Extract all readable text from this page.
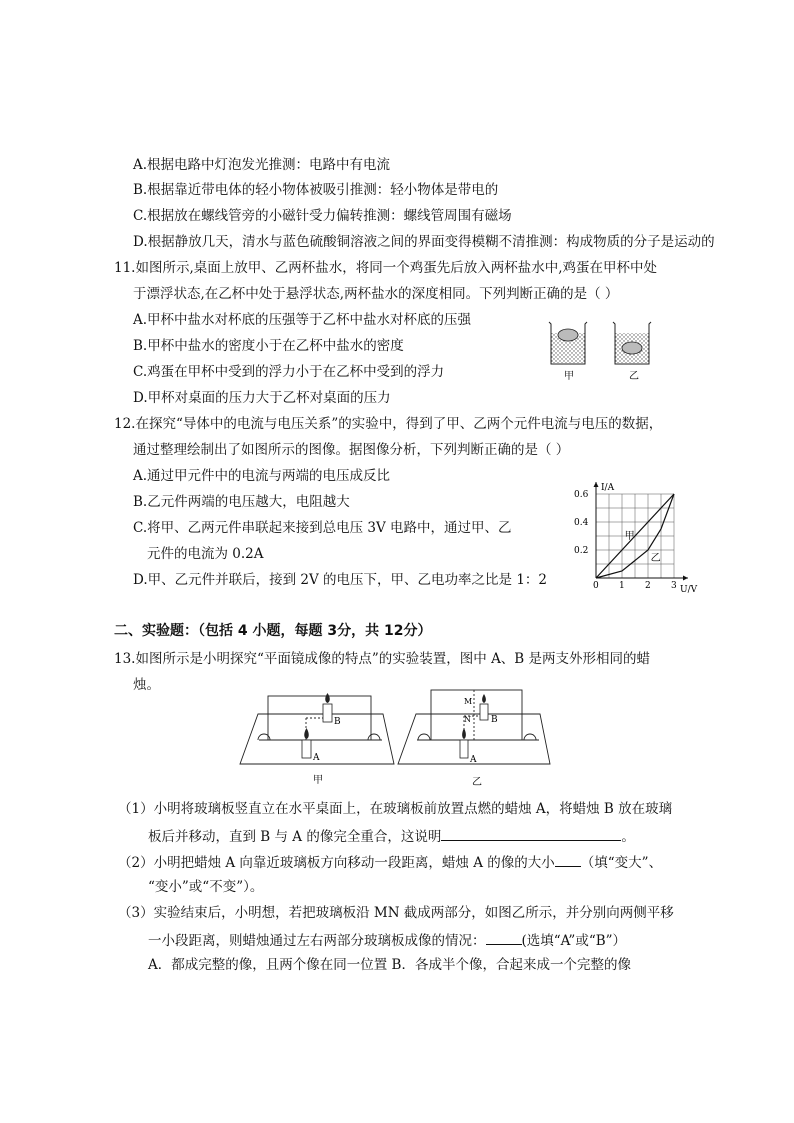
A.根据电路中灯泡发光推测：电路中有电流
B.根据靠近带电体的轻小物体被吸引推测：轻小物体是带电的
C.根据放在螺线管旁的小磁针受力偏转推测：螺线管周围有磁场
D.根据静放几天，清水与蓝色硫酸铜溶液之间的界面变得模糊不清推测：构成物质的分子是运动的
11.如图所示,桌面上放甲、乙两杯盐水，将同一个鸡蛋先后放入两杯盐水中,鸡蛋在甲杯中处
于漂浮状态,在乙杯中处于悬浮状态,两杯盐水的深度相同。下列判断正确的是（ ）
A.甲杯中盐水对杯底的压强等于乙杯中盐水对杯底的压强
B.甲杯中盐水的密度小于在乙杯中盐水的密度
C.鸡蛋在甲杯中受到的浮力小于在乙杯中受到的浮力
D.甲杯对桌面的压力大于乙杯对桌面的压力
甲	乙
12.在探究“导体中的电流与电压关系”的实验中，得到了甲、乙两个元件电流与电压的数据，
通过整理绘制出了如图所示的图像。据图像分析，下列判断正确的是（ ）
A.通过甲元件中的电流与两端的电压成反比
B.乙元件两端的电压越大，电阻越大
C.将甲、乙两元件串联起来接到总电压 3V 电路中，通过甲、乙
元件的电流为 0.2A
D.甲、乙元件并联后，接到 2V 的电压下，甲、乙电功率之比是 1：2	0 1 2 3
0.2
0.4
0.6
U/V
I/A
甲
乙
二、实验题：（包括 4 小题，每题 3分，共 12分）
13.如图所示是小明探究“平面镜成像的特点”的实验装置，图中 A、B 是两支外形相同的蜡
烛。
B
A
甲
B
M
N
A
乙
（1）小明将玻璃板竖直立在水平桌面上，在玻璃板前放置点燃的蜡烛 A，将蜡烛 B 放在玻璃
板后并移动，直到 B 与 A 的像完全重合，这说明	。
（2）小明把蜡烛 A 向靠近玻璃板方向移动一段距离，蜡烛 A 的像的大小 （填“变大”、
“变小”或“不变”）。
（3）实验结束后，小明想，若把玻璃板沿 MN 截成两部分，如图乙所示，并分别向两侧平移
一小段距离，则蜡烛通过左右两部分玻璃板成像的情况：	(选填“A”或“B”）
A．都成完整的像，且两个像在同一位置 B．各成半个像，合起来成一个完整的像
